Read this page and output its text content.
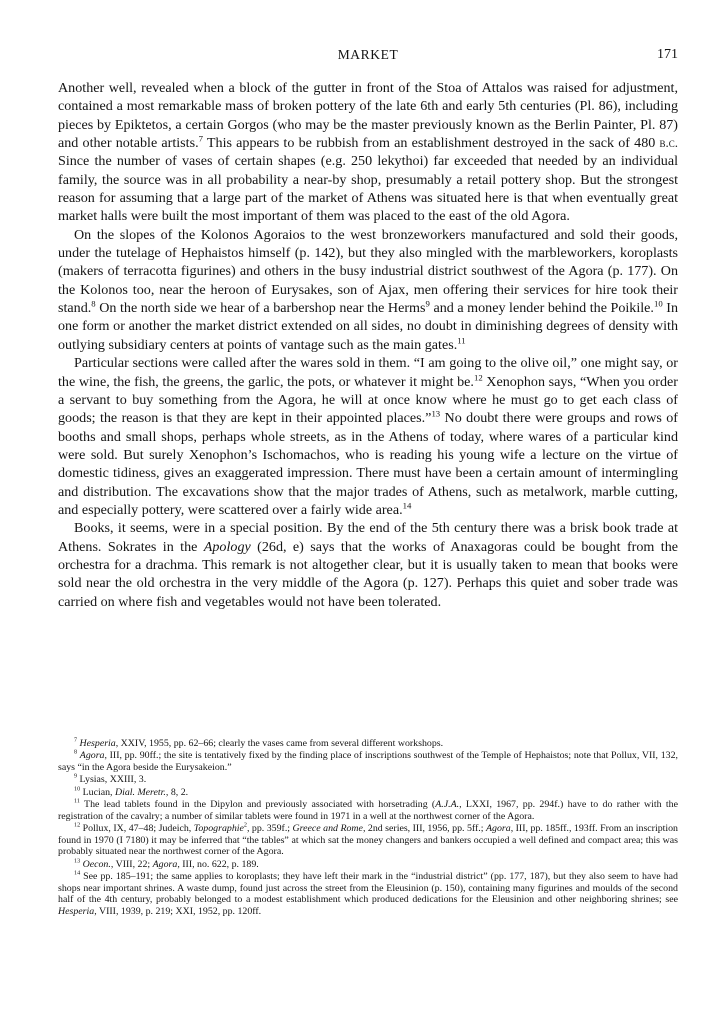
MARKET	171

Another well, revealed when a block of the gutter in front of the Stoa of Attalos was raised for adjustment, contained a most remarkable mass of broken pottery of the late 6th and early 5th centuries (Pl. 86), including pieces by Epiktetos, a certain Gorgos (who may be the master previously known as the Berlin Painter, Pl. 87) and other notable artists.$^7$ This appears to be rubbish from an establishment destroyed in the sack of 480 b.c. Since the number of vases of certain shapes (e.g. 250 lekythoi) far exceeded that needed by an individual family, the source was in all probability a near-by shop, presumably a retail pottery shop. But the strongest reason for assuming that a large part of the market of Athens was situated here is that when eventually great market halls were built the most important of them was placed to the east of the old Agora.

On the slopes of the Kolonos Agoraios to the west bronzeworkers manufactured and sold their goods, under the tutelage of Hephaistos himself (p. 142), but they also mingled with the marbleworkers, koroplasts (makers of terracotta figurines) and others in the busy industrial district southwest of the Agora (p. 177). On the Kolonos too, near the heroon of Eurysakes, son of Ajax, men offering their services for hire took their stand.$^8$ On the north side we hear of a barbershop near the Herms$^9$ and a money lender behind the Poikile.$^{10}$ In one form or another the market district extended on all sides, no doubt in diminishing degrees of density with outlying subsidiary centers at points of vantage such as the main gates.$^{11}$

Particular sections were called after the wares sold in them. “I am going to the olive oil,” one might say, or the wine, the fish, the greens, the garlic, the pots, or whatever it might be.$^{12}$ Xenophon says, “When you order a servant to buy something from the Agora, he will at once know where he must go to get each class of goods; the reason is that they are kept in their appointed places.”$^{13}$ No doubt there were groups and rows of booths and small shops, perhaps whole streets, as in the Athens of today, where wares of a particular kind were sold. But surely Xenophon’s Ischomachos, who is reading his young wife a lecture on the virtue of domestic tidiness, gives an exaggerated impression. There must have been a certain amount of intermingling and distribution. The excavations show that the major trades of Athens, such as metalwork, marble cutting, and especially pottery, were scattered over a fairly wide area.$^{14}$

Books, it seems, were in a special position. By the end of the 5th century there was a brisk book trade at Athens. Sokrates in the Apology (26d, e) says that the works of Anaxagoras could be bought from the orchestra for a drachma. This remark is not altogether clear, but it is usually taken to mean that books were sold near the old orchestra in the very middle of the Agora (p. 127). Perhaps this quiet and sober trade was carried on where fish and vegetables would not have been tolerated.

$^7$ Hesperia, XXIV, 1955, pp. 62–66; clearly the vases came from several different workshops.

$^8$ Agora, III, pp. 90ff.; the site is tentatively fixed by the finding place of inscriptions southwest of the Temple of Hephaistos; note that Pollux, VII, 132, says “in the Agora beside the Eurysakeion.”

$^9$ Lysias, XXIII, 3.

$^{10}$ Lucian, Dial. Meretr., 8, 2.

$^{11}$ The lead tablets found in the Dipylon and previously associated with horsetrading (A.J.A., LXXI, 1967, pp. 294f.) have to do rather with the registration of the cavalry; a number of similar tablets were found in 1971 in a well at the northwest corner of the Agora.

$^{12}$ Pollux, IX, 47–48; Judeich, Topographie$^2$, pp. 359f.; Greece and Rome, 2nd series, III, 1956, pp. 5ff.; Agora, III, pp. 185ff., 193ff. From an inscription found in 1970 (I 7180) it may be inferred that “the tables” at which sat the money changers and bankers occupied a well defined and compact area; this was probably situated near the northwest corner of the Agora.

$^{13}$ Oecon., VIII, 22; Agora, III, no. 622, p. 189.

$^{14}$ See pp. 185–191; the same applies to koroplasts; they have left their mark in the “industrial district” (pp. 177, 187), but they also seem to have had shops near important shrines. A waste dump, found just across the street from the Eleusinion (p. 150), containing many figurines and moulds of the second half of the 4th century, probably belonged to a modest establishment which produced dedications for the Eleusinion and other neighboring shrines; see Hesperia, VIII, 1939, p. 219; XXI, 1952, pp. 120ff.
